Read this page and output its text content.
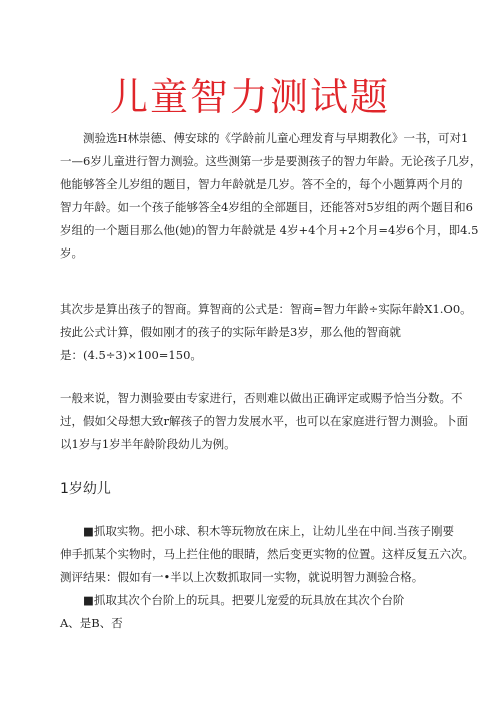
儿童智力测试题
　　测验选H林崇德、傅安球的《学龄前儿童心理发育与早期教化》一书，可对1
一—6岁儿童进行智力测验。这些测第一步是要测孩子的智力年龄。无论孩子几岁，
他能够答全儿岁组的题目，智力年龄就是几岁。答不全的，每个小题算两个月的
智力年龄。如一个孩子能够答全4岁组的全部题目，还能答对5岁组的两个题目和6
岁组的一个题目那么他(她)的智力年龄就是 4岁+4个月+2个月=4岁6个月，即4.5
岁。
其次步是算出孩子的智商。算智商的公式是：智商=智力年龄÷实际年龄X1.O0。
按此公式计算，假如刚才的孩子的实际年龄是3岁，那么他的智商就
是：(4.5÷3)×100=150。
一般来说，智力测验要由专家进行，否则难以做出正确评定或赐予恰当分数。不
过，假如父母想大致r解孩子的智力发展水平，也可以在家庭进行智力测验。卜面
以1岁与1岁半年龄阶段幼儿为例。
1岁幼儿
　　■抓取实物。把小球、积木等玩物放在床上，让幼儿坐在中间.当孩子刚要
伸手抓某个实物时，马上拦住他的眼睛，然后变更实物的位置。这样反复五六次。
测评结果：假如有一•半以上次数抓取同一实物，就说明智力测验合格。
　　■抓取其次个台阶上的玩具。把要儿宠爱的玩具放在其次个台阶
A、是B、否
